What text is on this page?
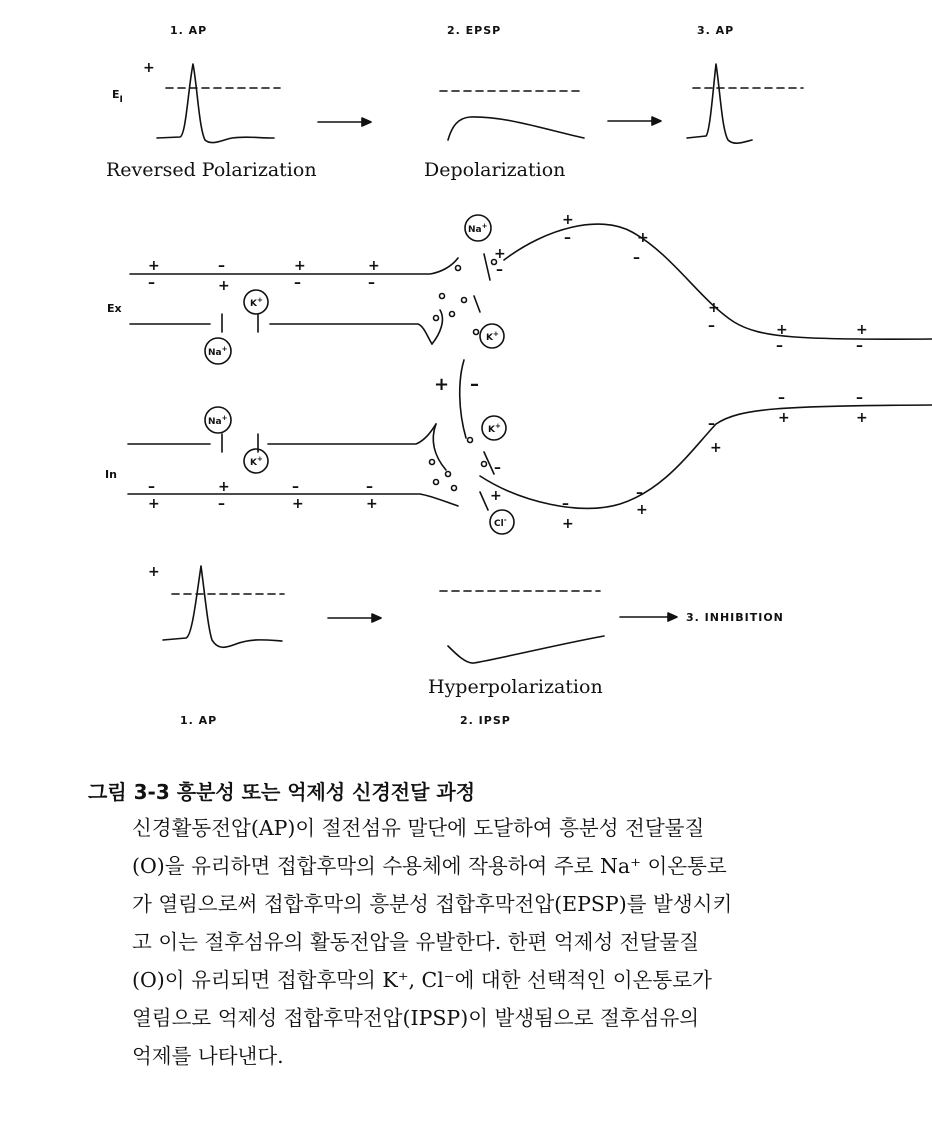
1. AP	2. EPSP	3. AP
+
$E_I$
Reversed Polarization	Depolarization
Ex
In
Na+
K+
Na+
K+
Na+
K+
K+
Cl-
+
–
–
+
+
–
+
–
–
+
+
–
–
+
–
+
+ –
+
–
–
+
+
–	+
–
+
–	+
–
+
–
–
+
–
+
–
+
–
+
–
+
+
3. INHIBITION
Hyperpolarization
1. AP	2. IPSP

그림 3-3 흥분성 또는 억제성 신경전달 과정

신경활동전압(AP)이 절전섬유 말단에 도달하여 흥분성 전달물질
(O)을 유리하면 접합후막의 수용체에 작용하여 주로 Na⁺ 이온통로
가 열림으로써 접합후막의 흥분성 접합후막전압(EPSP)를 발생시키
고 이는 절후섬유의 활동전압을 유발한다. 한편 억제성 전달물질
(O)이 유리되면 접합후막의 K⁺, Cl⁻에 대한 선택적인 이온통로가
열림으로 억제성 접합후막전압(IPSP)이 발생됨으로 절후섬유의
억제를 나타낸다.
